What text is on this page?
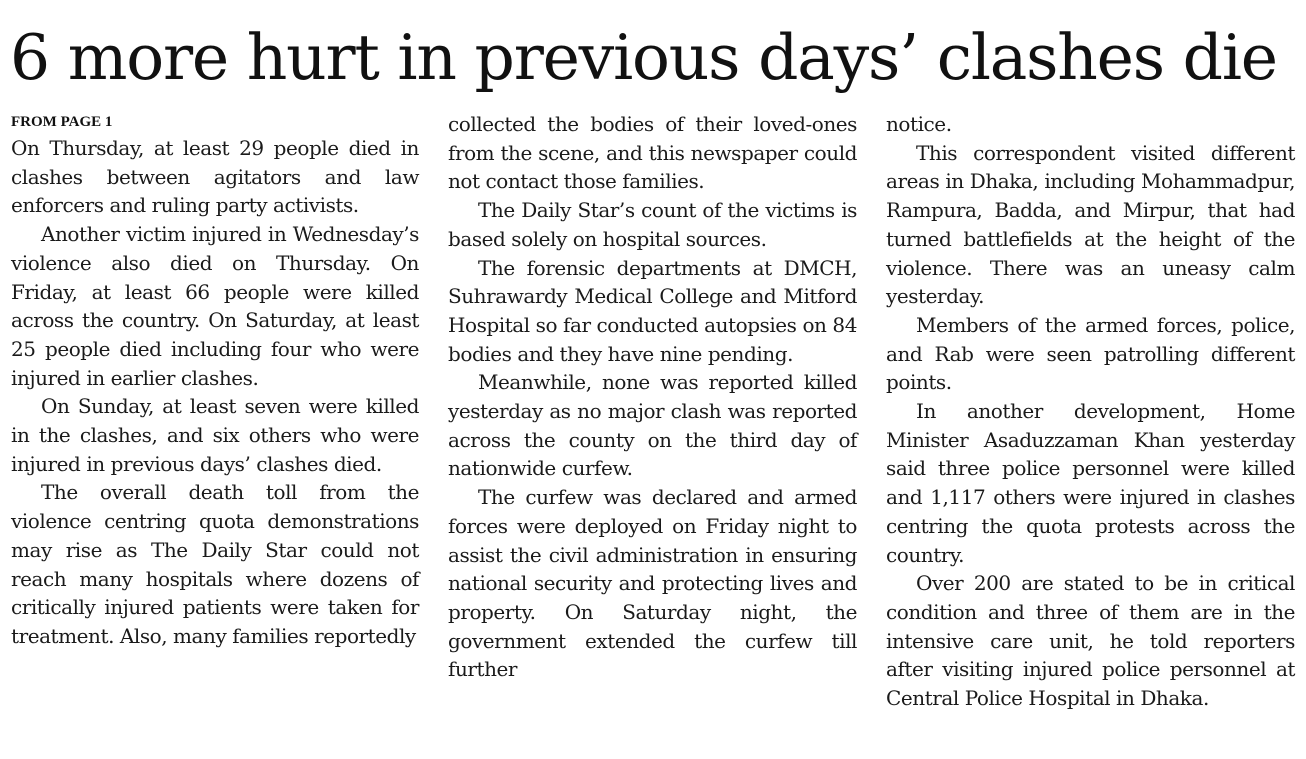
6 more hurt in previous days’ clashes die
FROM PAGE 1

On Thursday, at least 29 people died in clashes between agitators and law enforcers and ruling party activists.

Another victim injured in Wednesday’s violence also died on Thursday. On Friday, at least 66 people were killed across the country. On Saturday, at least 25 people died including four who were injured in earlier clashes.

On Sunday, at least seven were killed in the clashes, and six others who were injured in previous days’ clashes died.

The overall death toll from the violence centring quota demonstrations may rise as The Daily Star could not reach many hospitals where dozens of critically injured patients were taken for treatment. Also, many families reportedly

collected the bodies of their loved-ones from the scene, and this newspaper could not contact those families.

The Daily Star’s count of the victims is based solely on hospital sources.

The forensic departments at DMCH, Suhrawardy Medical College and Mitford Hospital so far conducted autopsies on 84 bodies and they have nine pending.

Meanwhile, none was reported killed yesterday as no major clash was reported across the county on the third day of nationwide curfew.

The curfew was declared and armed forces were deployed on Friday night to assist the civil administration in ensuring national security and protecting lives and property. On Saturday night, the government extended the curfew till further

notice.

This correspondent visited different areas in Dhaka, including Mohammadpur, Rampura, Badda, and Mirpur, that had turned battlefields at the height of the violence. There was an uneasy calm yesterday.

Members of the armed forces, police, and Rab were seen patrolling different points.

In another development, Home Minister Asaduzzaman Khan yesterday said three police personnel were killed and 1,117 others were injured in clashes centring the quota protests across the country.

Over 200 are stated to be in critical condition and three of them are in the intensive care unit, he told reporters after visiting injured police personnel at Central Police Hospital in Dhaka.
